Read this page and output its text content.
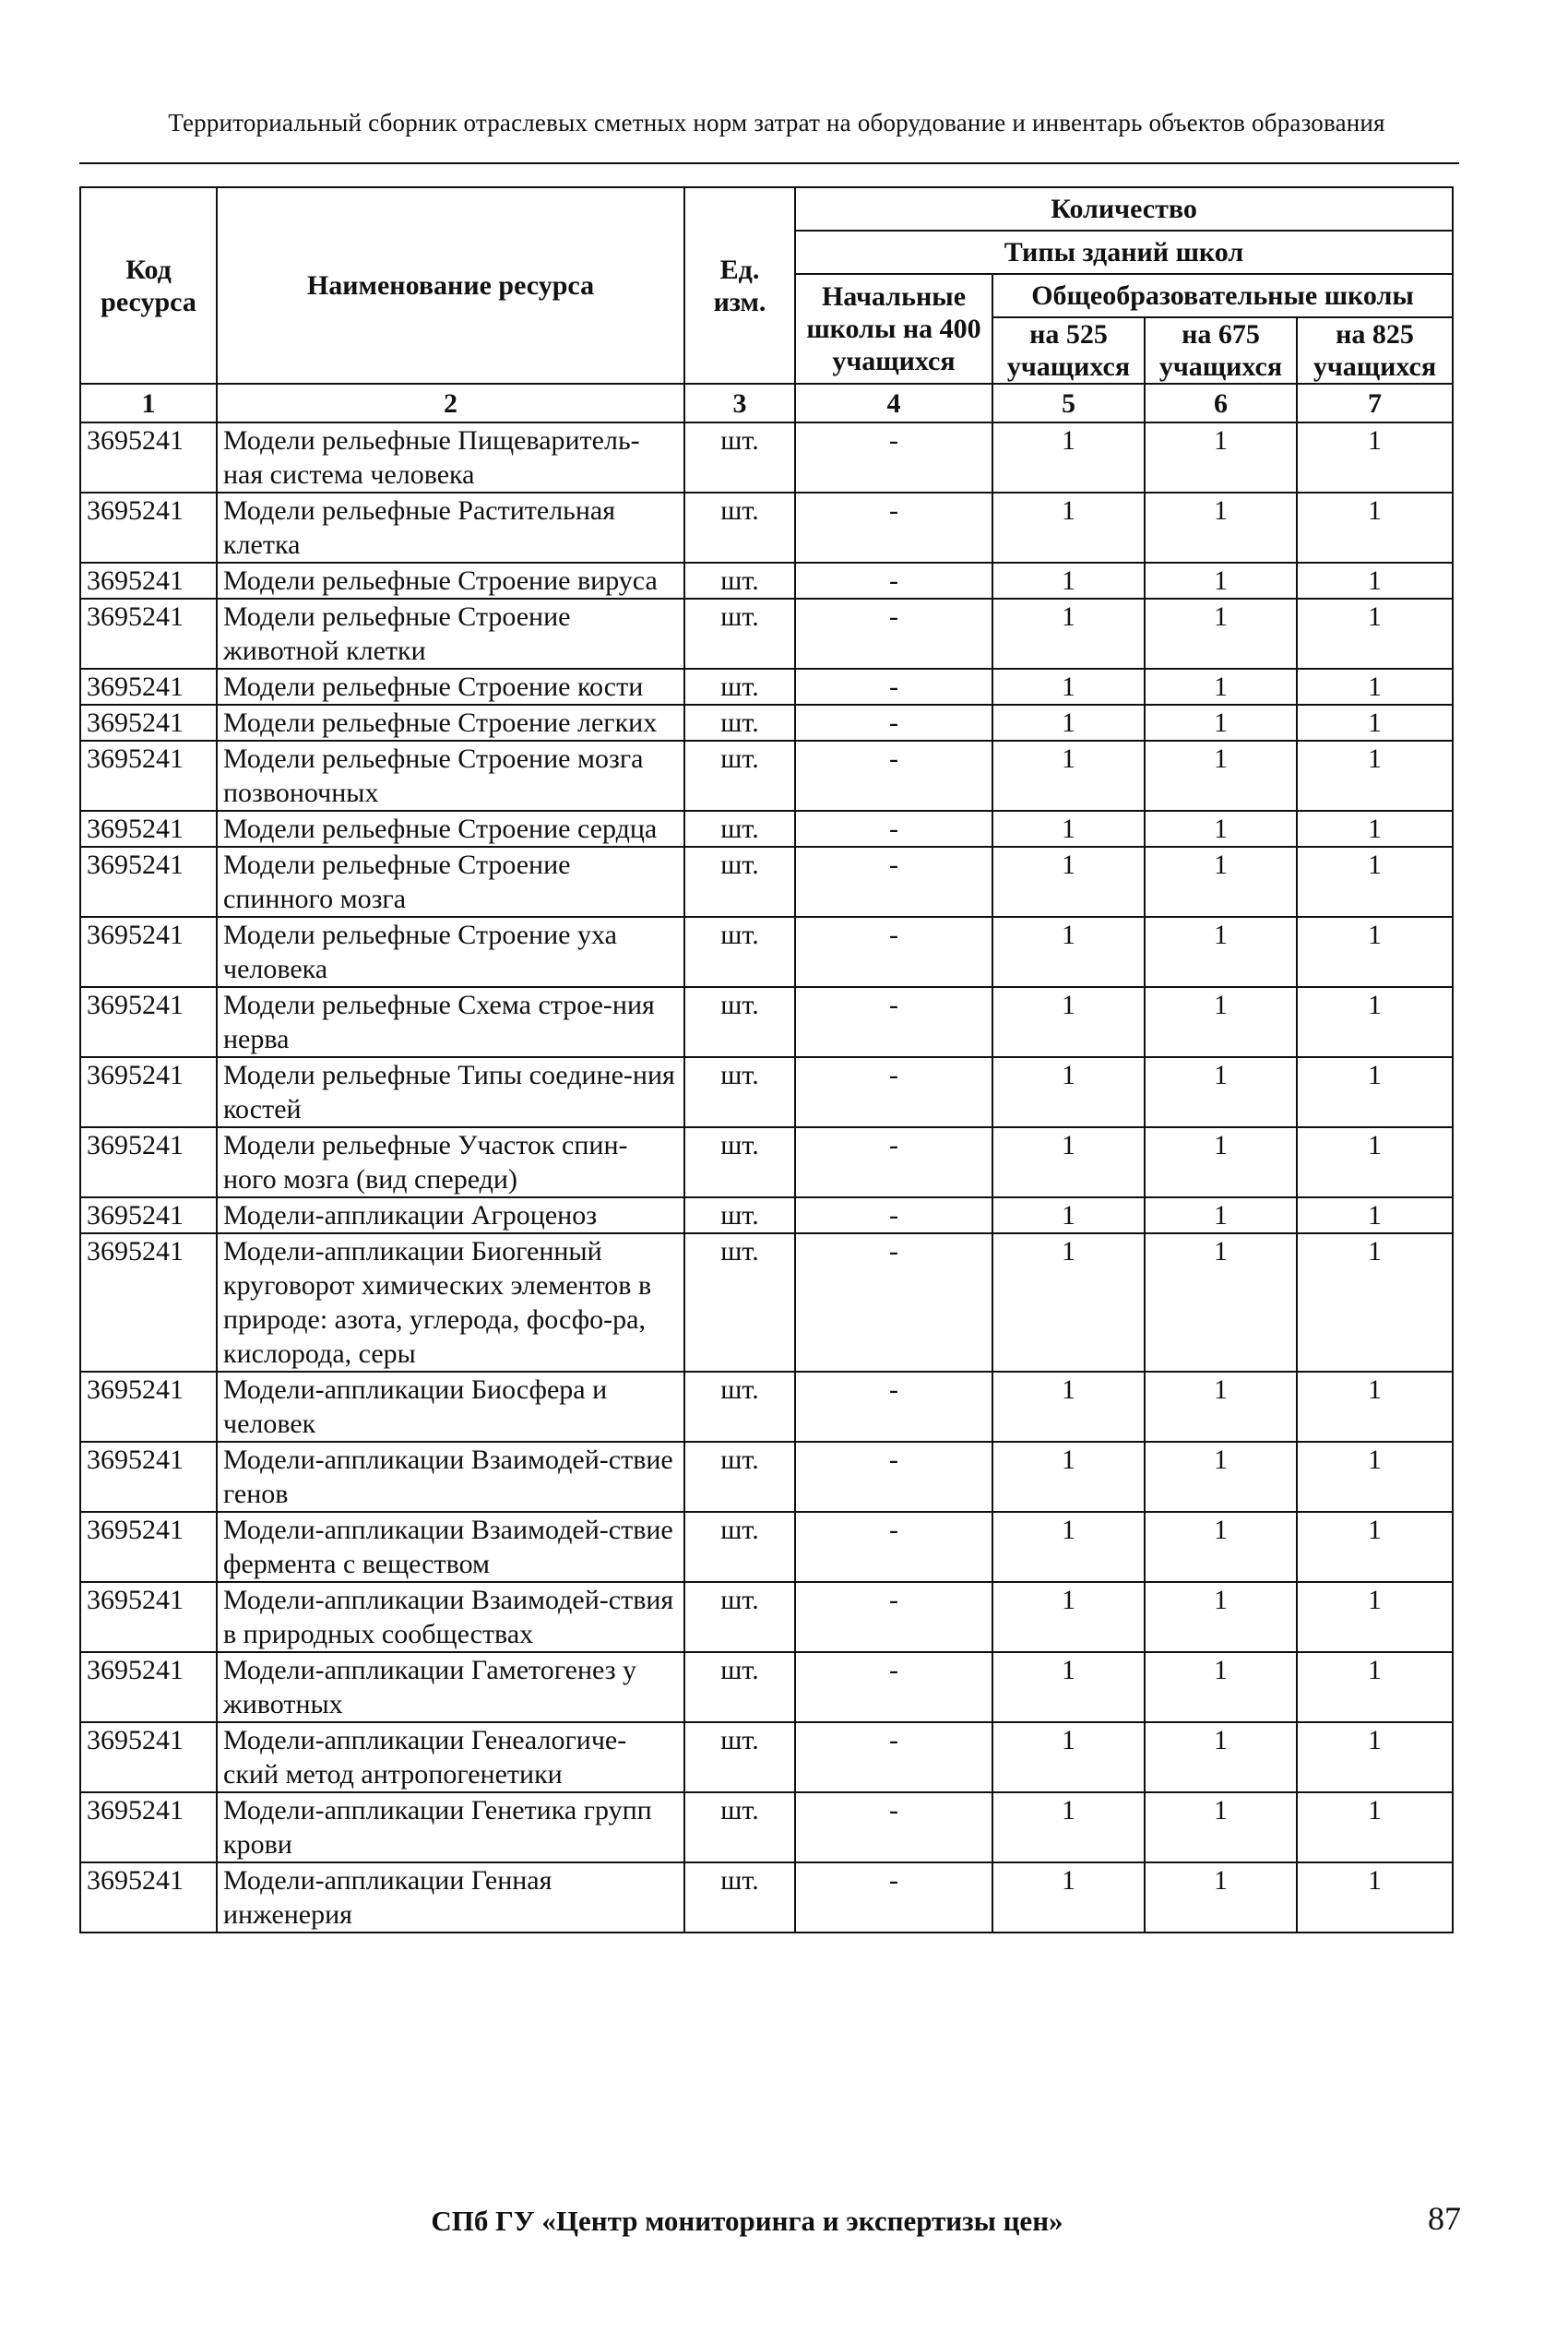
Территориальный сборник отраслевых сметных норм затрат на оборудование и инвентарь объектов образования
Код ресурса	Наименование ресурса	Ед. изм.	Количество			
			Типы зданий школ			
			Начальные школы на 400 учащихся	Общеобразовательные школы		
				на 525 учащихся	на 675 учащихся	на 825 учащихся
1	2	3	4	5	6	7
3695241	Модели рельефные Пищеваритель-ная система человека	шт.	-	1	1	1
3695241	Модели рельефные Растительная клетка	шт.	-	1	1	1
3695241	Модели рельефные Строение вируса	шт.	-	1	1	1
3695241	Модели рельефные Строение животной клетки	шт.	-	1	1	1
3695241	Модели рельефные Строение кости	шт.	-	1	1	1
3695241	Модели рельефные Строение легких	шт.	-	1	1	1
3695241	Модели рельефные Строение мозга позвоночных	шт.	-	1	1	1
3695241	Модели рельефные Строение сердца	шт.	-	1	1	1
3695241	Модели рельефные Строение спинного мозга	шт.	-	1	1	1
3695241	Модели рельефные Строение уха человека	шт.	-	1	1	1
3695241	Модели рельефные Схема строе-ния нерва	шт.	-	1	1	1
3695241	Модели рельефные Типы соедине-ния костей	шт.	-	1	1	1
3695241	Модели рельефные Участок спин-ного мозга (вид спереди)	шт.	-	1	1	1
3695241	Модели-аппликации Агроценоз	шт.	-	1	1	1
3695241	Модели-аппликации Биогенный круговорот химических элементов в природе: азота, углерода, фосфо-ра, кислорода, серы	шт.	-	1	1	1
3695241	Модели-аппликации Биосфера и человек	шт.	-	1	1	1
3695241	Модели-аппликации Взаимодей-ствие генов	шт.	-	1	1	1
3695241	Модели-аппликации Взаимодей-ствие фермента с веществом	шт.	-	1	1	1
3695241	Модели-аппликации Взаимодей-ствия в природных сообществах	шт.	-	1	1	1
3695241	Модели-аппликации Гаметогенез у животных	шт.	-	1	1	1
3695241	Модели-аппликации Генеалогиче-ский метод антропогенетики	шт.	-	1	1	1
3695241	Модели-аппликации Генетика групп крови	шт.	-	1	1	1
3695241	Модели-аппликации Генная инженерия	шт.	-	1	1	1
СПб ГУ «Центр мониторинга и экспертизы цен»	87
